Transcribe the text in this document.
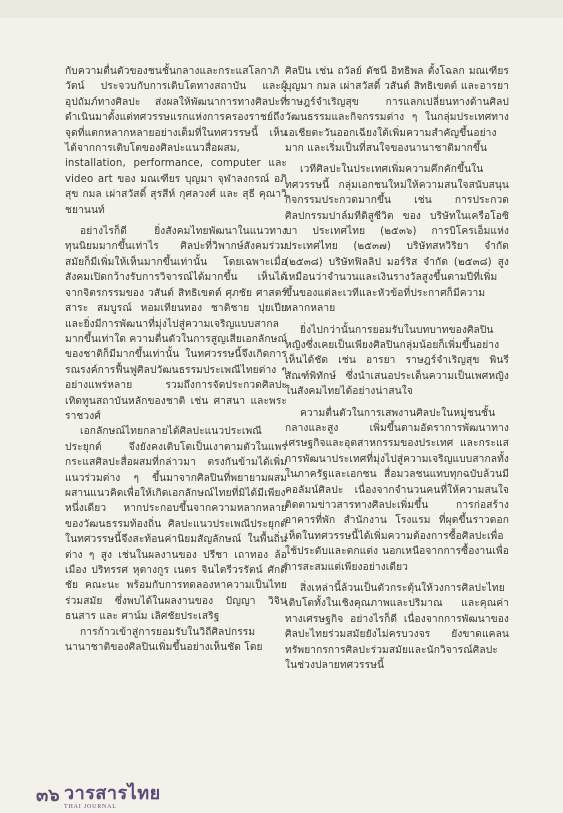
กับความตื่นตัวของชนชั้นกลางและกระแสโลกาภิวัตน์ ประจวบกับการเติบโตทางสถาบัน และผู้อุปถัมภ์ทางศิลปะ ส่งผลให้พัฒนาการทางศิลปะที่ดำเนินมาตั้งแต่ทศวรรษแรกแห่งการครองราชย์ถึงจุดที่แตกหลากหลายอย่างเต็มที่ในทศวรรษนี้ เห็นได้จากการเติบโตของศิลปะแนวสื่อผสม, installation, performance, computer และ video art ของ มณเฑียร บุญมา จุฬาลงกรณ์ อภิสุข กมล เผ่าสวัสดิ์ สุรสีห์ กุศลวงศ์ และ สุธี คุณาวิชยานนท์

อย่างไรก็ดี ยิ่งสังคมไทยพัฒนาในแนวทางทุนนิยมมากขึ้นเท่าไร ศิลปะที่วิพากษ์สังคมร่วมสมัยก็มีเพิ่มให้เห็นมากขึ้นเท่านั้น โดยเฉพาะเมื่อสังคมเปิดกว้างรับการวิจารณ์ได้มากขึ้น เห็นได้จากจิตรกรรมของ วสันต์ สิทธิเขตต์ ศุภชัย ศาสตร์สาระ สมบูรณ์ หอมเทียนทอง ชาติชาย ปุยเปีย และยิ่งมีการพัฒนาที่มุ่งไปสู่ความเจริญแบบสากลมากขึ้นเท่าใด ความตื่นตัวในการสูญเสียเอกลักษณ์ของชาติก็มีมากขึ้นเท่านั้น ในทศวรรษนี้จึงเกิดการรณรงค์การฟื้นฟูศิลปวัฒนธรรมประเพณีไทยต่าง ๆ อย่างแพร่หลาย รวมถึงการจัดประกวดศิลปะเทิดทูนสถาบันหลักของชาติ เช่น ศาสนา และพระราชวงศ์

เอกลักษณ์ไทยกลายได้ศิลปะแนวประเพณีประยุกต์ จึงยังคงเติบโตเป็นเงาตามตัวในแพร่กระแสศิลปะสื่อผสมที่กล่าวมา ตรงกันข้ามได้เพิ่มแนวร่วมต่าง ๆ ขึ้นมาจากศิลปินที่พยายามผสมผสานแนวคิดเพื่อให้เกิดเอกลักษณ์ไทยที่มิได้มีเพียงหนึ่งเดียว หากประกอบขึ้นจากความหลากหลายของวัฒนธรรมท้องถิ่น ศิลปะแนวประเพณีประยุกต์ในทศวรรษนี้จึงสะท้อนค่านิยมสัญลักษณ์ ในพื้นถิ่นต่าง ๆ สูง เช่นในผลงานของ ปรีชา เถาทอง ล้อเมือง ปริทรรศ หุตางกูร เนตร จินไตรีวรรัตน์ ศักดิ์ชัย คณะนะ พร้อมกับการทดลองหาความเป็นไทยร่วมสมัย ซึ่งพบได้ในผลงานของ ปัญญา วิจินธนสาร และ ศาน์ม เลิศชัยประเสริฐ

การก้าวเข้าสู่การยอมรับในวิถีศิลปกรรมนานาชาติของศิลปินเพิ่มขึ้นอย่างเห็นชัด โดย

ศิลปิน เช่น ถวัลย์ ดัชนี อิทธิพล ตั้งโฉลก มณเฑียร บุญมา กมล เผ่าสวัสดิ์ วสันต์ สิทธิเขตต์ และอารยา ราษฎร์จำเริญสุข การแลกเปลี่ยนทางด้านศิลปวัฒนธรรมและกิจกรรมต่าง ๆ ในกลุ่มประเทศทางเอเชียตะวันออกเฉียงใต้เพิ่มความสำคัญขึ้นอย่างมาก และเริ่มเป็นที่สนใจของนานาชาติมากขึ้น

เวทีศิลปะในประเทศเพิ่มความคึกคักขึ้นในทศวรรษนี้ กลุ่มเอกชนใหม่ให้ความสนใจสนับสนุนกิจกรรมประกวดมากขึ้น เช่น การประกวดศิลปกรรมปาล์มทีดิสูซีวิต ของ บริษัทในเครือโอซิบา ประเทศไทย (๒๕๓๖) การบิโครเอ็มแห่งประเทศไทย (๒๕๓๗) บริษัทสหวิริยา จำกัด (๒๕๓๘) บริษัทฟิลลิป มอร์ริส จำกัด (๒๕๓๘) สูงเหมือนว่าจำนวนและเงินรางวัลสูงขึ้นตามปีที่เพิ่มขึ้นของแต่ละเวทีและหัวข้อที่ประกาศก็มีความหลากหลาย

ยิ่งไปกว่านั้นการยอมรับในบทบาทของศิลปินหญิงซึ่งเคยเป็นเพียงศิลปินกลุ่มน้อยก็เพิ่มขึ้นอย่างเห็นได้ชัด เช่น อารยา ราษฎร์จำเริญสุข พินรี สัณฑ์พิทักษ์ ซึ่งนำเสนอประเด็นความเป็นเพศหญิงในสังคมไทยได้อย่างน่าสนใจ

ความตื่นตัวในการเสพงานศิลปะในหมู่ชนชั้นกลางและสูง เพิ่มขึ้นตามอัตราการพัฒนาทางเศรษฐกิจและอุตสาหกรรมของประเทศ และกระแสการพัฒนาประเทศที่มุ่งไปสู่ความเจริญแบบสากลทั้งในภาครัฐและเอกชน สื่อมวลชนแทบทุกฉบับล้วนมีคอลัมน์ศิลปะ เนื่องจากจำนวนคนที่ให้ความสนใจติดตามข่าวสารทางศิลปะเพิ่มขึ้น การก่อสร้างอาคารที่พัก สำนักงาน โรงแรม ที่ผุดขึ้นราวดอกเห็ดในทศวรรษนี้ได้เพิ่มความต้องการซื้อศิลปะเพื่อใช้ประดับและตกแต่ง นอกเหนือจากการซื้องานเพื่อการสะสมแต่เพียงอย่างเดียว

สิ่งเหล่านี้ล้วนเป็นตัวกระตุ้นให้วงการศิลปะไทยเติบโตทั้งในเชิงคุณภาพและปริมาณ และคุณค่าทางเศรษฐกิจ อย่างไรก็ดี เนื่องจากการพัฒนาของศิลปะไทยร่วมสมัยยังไม่ครบวงจร ยังขาดแคลนทรัพยากรการศิลปะร่วมสมัยและนักวิจารณ์ศิลปะ ในช่วงปลายทศวรรษนี้

๓๖ วารสารไทย
THAI JOURNAL
